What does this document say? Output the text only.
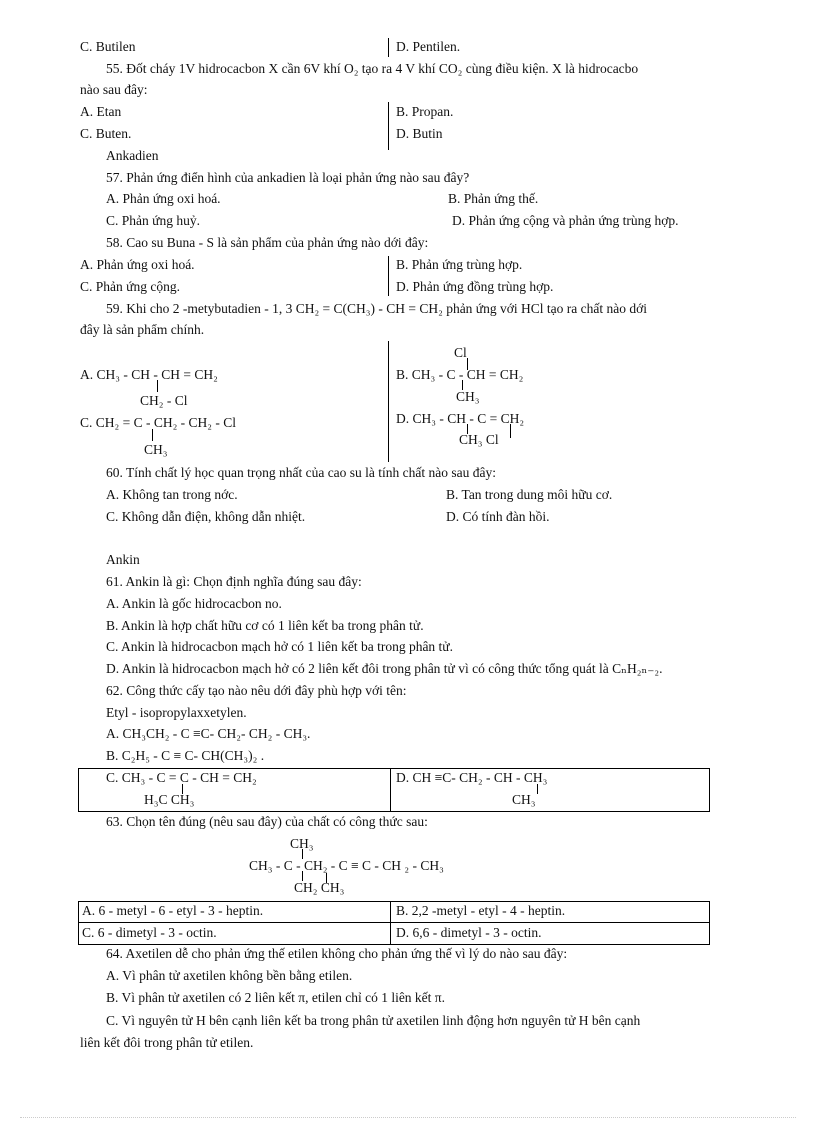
C. Butilen	D. Pentilen.
55. Đốt cháy 1V hidrocacbon X cần 6V khí O₂ tạo ra 4 V khí CO₂ cùng điều kiện. X là hidrocacbo
nào sau đây:
A. Etan	B. Propan.
C. Buten.	D. Butin
Ankadien
57. Phản ứng điển hình của ankadien là loại phản ứng nào sau đây?
A. Phản ứng oxi hoá.	B. Phản ứng thế.
C. Phản ứng huỷ.	D. Phản ứng cộng và phản ứng trùng hợp.
58. Cao su Buna - S là sản phẩm của phản ứng nào dới đây:
A. Phản ứng oxi hoá.	B. Phản ứng trùng hợp.
C. Phản ứng cộng.	D. Phản ứng đồng trùng hợp.
59. Khi cho 2 -metybutadien - 1, 3 CH₂ = C(CH₃) - CH = CH₂ phản ứng với HCl tạo ra chất nào dới
đây là sản phẩm chính.
A. CH₃ - CH - CH = CH₂
CH₂ - Cl
C. CH₂ = C - CH₂ - CH₂ - Cl
CH₃
Cl
B. CH₃ - C - CH = CH₂
CH₃
D. CH₃ - CH - C = CH₂
CH₃ Cl
60. Tính chất lý học quan trọng nhất của cao su là tính chất nào sau đây:
A. Không tan trong nớc.	B. Tan trong dung môi hữu cơ.
C. Không dẫn điện, không dẫn nhiệt.	D. Có tính đàn hồi.
Ankin
61. Ankin là gì: Chọn định nghĩa đúng sau đây:
A. Ankin là gốc hidrocacbon no.
B. Ankin là hợp chất hữu cơ có 1 liên kết ba trong phân tử.
C. Ankin là hidrocacbon mạch hở có 1 liên kết ba trong phân tử.
D. Ankin là hidrocacbon mạch hở có 2 liên kết đôi trong phân tử vì có công thức tổng quát là CₙH₂ₙ₋₂.
62. Công thức cấy tạo nào nêu dới đây phù hợp với tên:
Etyl - isopropylaxxetylen.
A. CH₃CH₂ - C ≡C- CH₂- CH₂ - CH₃.
B. C₂H₅ - C ≡ C- CH(CH₃)₂ .
C. CH₃ - C = C - CH = CH₂
H₃C CH₃
D. CH ≡C- CH₂ - CH - CH₃
CH₃
63. Chọn tên đúng (nêu sau đây) của chất có công thức sau:
CH₃
CH₃ - C - CH₂ - C ≡ C - CH ₂ - CH₃
CH₂ CH₃
A. 6 - metyl - 6 - etyl - 3 - heptin.	B. 2,2 -metyl - etyl - 4 - heptin.
C. 6 - dimetyl - 3 - octin.	D. 6,6 - dimetyl - 3 - octin.
64. Axetilen dễ cho phản ứng thế etilen không cho phản ứng thế vì lý do nào sau đây:
A. Vì phân tử axetilen không bền bằng etilen.
B. Vì phân tử axetilen có 2 liên kết π, etilen chỉ có 1 liên kết π.
C. Vì nguyên tử H bên cạnh liên kết ba trong phân tử axetilen linh động hơn nguyên tử H bên cạnh
liên kết đôi trong phân tử etilen.
